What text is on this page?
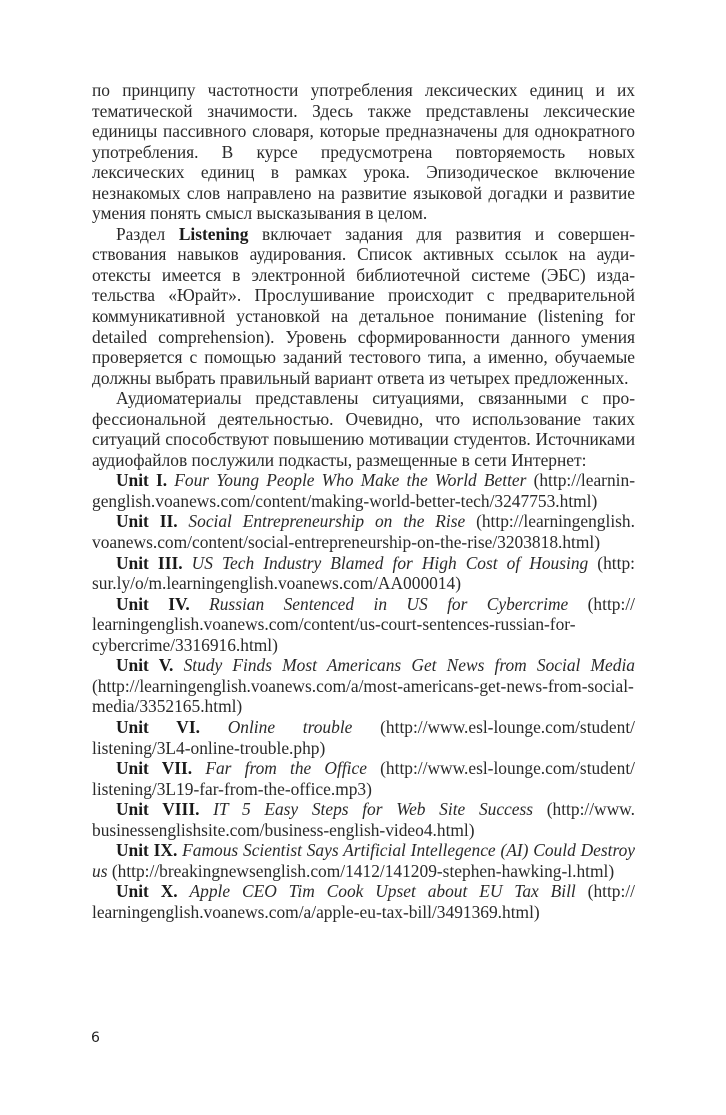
по принципу частотности употребления лексических единиц и их тематической значимости. Здесь также представлены лексические единицы пассивного словаря, которые предназначены для однократного употребления. В курсе предусмотрена повторяемость новых лексических единиц в рамках урока. Эпизодическое включение незнакомых слов направлено на развитие языковой догадки и развитие умения понять смысл высказывания в целом.

Раздел Listening включает задания для развития и совершенствования навыков аудирования. Список активных ссылок на аудиотексты имеется в электронной библиотечной системе (ЭБС) издательства «Юрайт». Прослушивание происходит с предварительной коммуникативной установкой на детальное понимание (listening for detailed comprehension). Уровень сформированности данного умения проверяется с помощью заданий тестового типа, а именно, обучаемые должны выбрать правильный вариант ответа из четырех предложенных.

Аудиоматериалы представлены ситуациями, связанными с профессиональной деятельностью. Очевидно, что использование таких ситуаций способствуют повышению мотивации студентов. Источниками аудиофайлов послужили подкасты, размещенные в сети Интернет:

Unit I. Four Young People Who Make the World Better (http://learningenglish.voanews.com/content/making-world-better-tech/3247753.html)

Unit II. Social Entrepreneurship on the Rise (http://learningenglish.​voanews.com/content/social-entrepreneurship-on-the-rise/3203818.​html)

Unit III. US Tech Industry Blamed for High Cost of Housing (http:​sur.ly/o/m.learningenglish.voanews.com/AA000014)

Unit IV. Russian Sentenced in US for Cybercrime (http://​learningenglish.voanews.com/content/us-court-sentences-russian-for-​cybercrime/3316916.html)

Unit V. Study Finds Most Americans Get News from Social Media (http://learningenglish.voanews.com/a/most-americans-get-news-​from-social-media/3352165.html)

Unit VI. Online trouble (http://www.esl-lounge.com/student/​listening/3L4-online-trouble.php)

Unit VII. Far from the Office (http://www.esl-lounge.com/student/​listening/3L19-far-from-the-office.mp3)

Unit VIII. IT 5 Easy Steps for Web Site Success (http://www.​businessenglishsite.com/business-english-video4.html)

Unit IX. Famous Scientist Says Artificial Intellegence (AI) Could Destroy us (http://breakingnewsenglish.com/1412/141209-stephen-hawking-l.​html)

Unit X. Apple CEO Tim Cook Upset about EU Tax Bill (http://​learningenglish.voanews.com/a/apple-eu-tax-bill/3491369.html)

6
